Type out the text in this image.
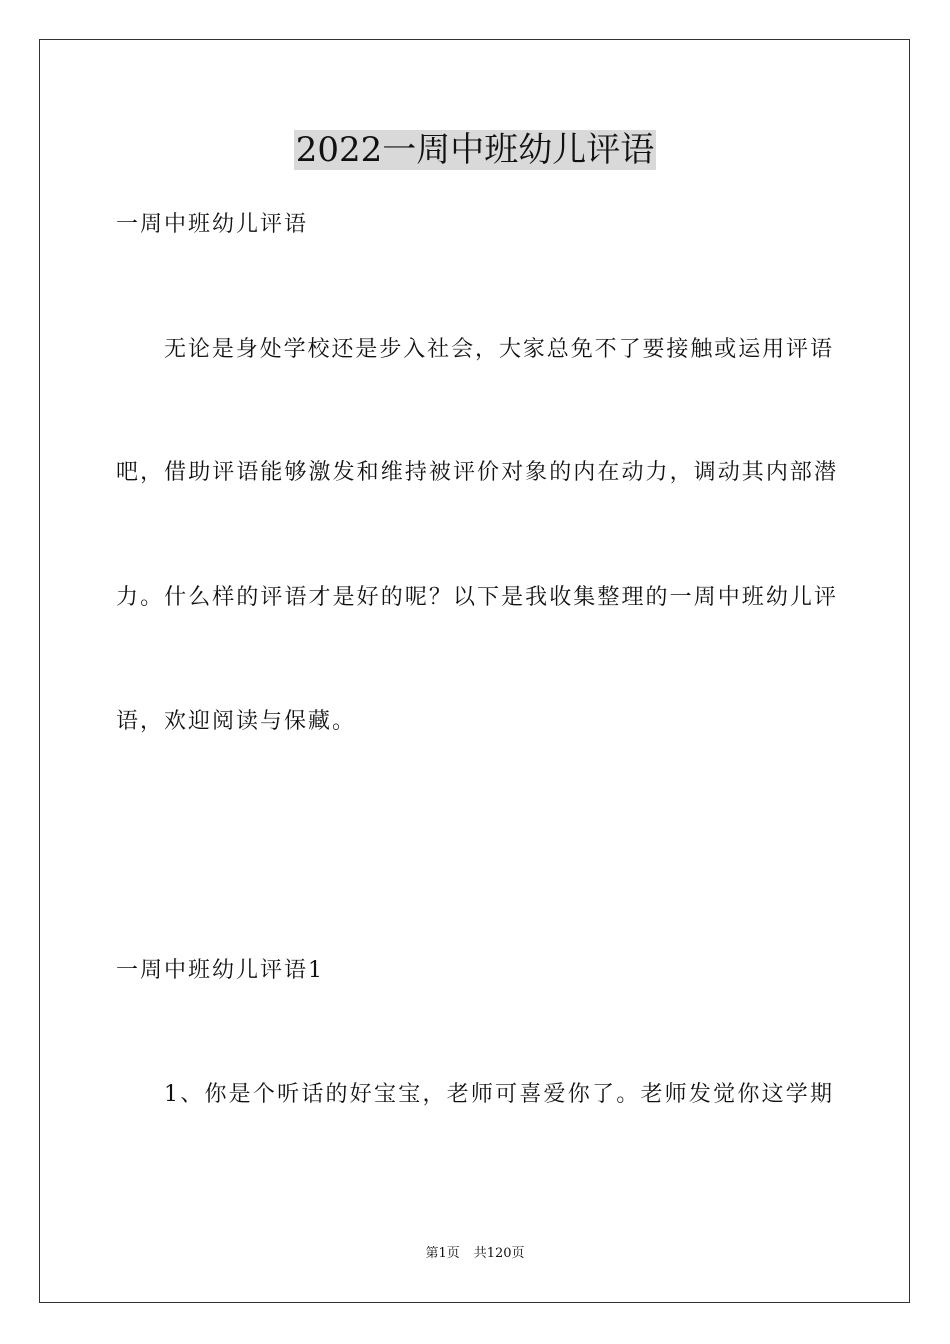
2022一周中班幼儿评语
一周中班幼儿评语
无论是身处学校还是步入社会，大家总免不了要接触或运用评语
吧，借助评语能够激发和维持被评价对象的内在动力，调动其内部潜
力。什么样的评语才是好的呢？以下是我收集整理的一周中班幼儿评
语，欢迎阅读与保藏。
一周中班幼儿评语1
1、你是个听话的好宝宝，老师可喜爱你了。老师发觉你这学期
第1页 共120页
